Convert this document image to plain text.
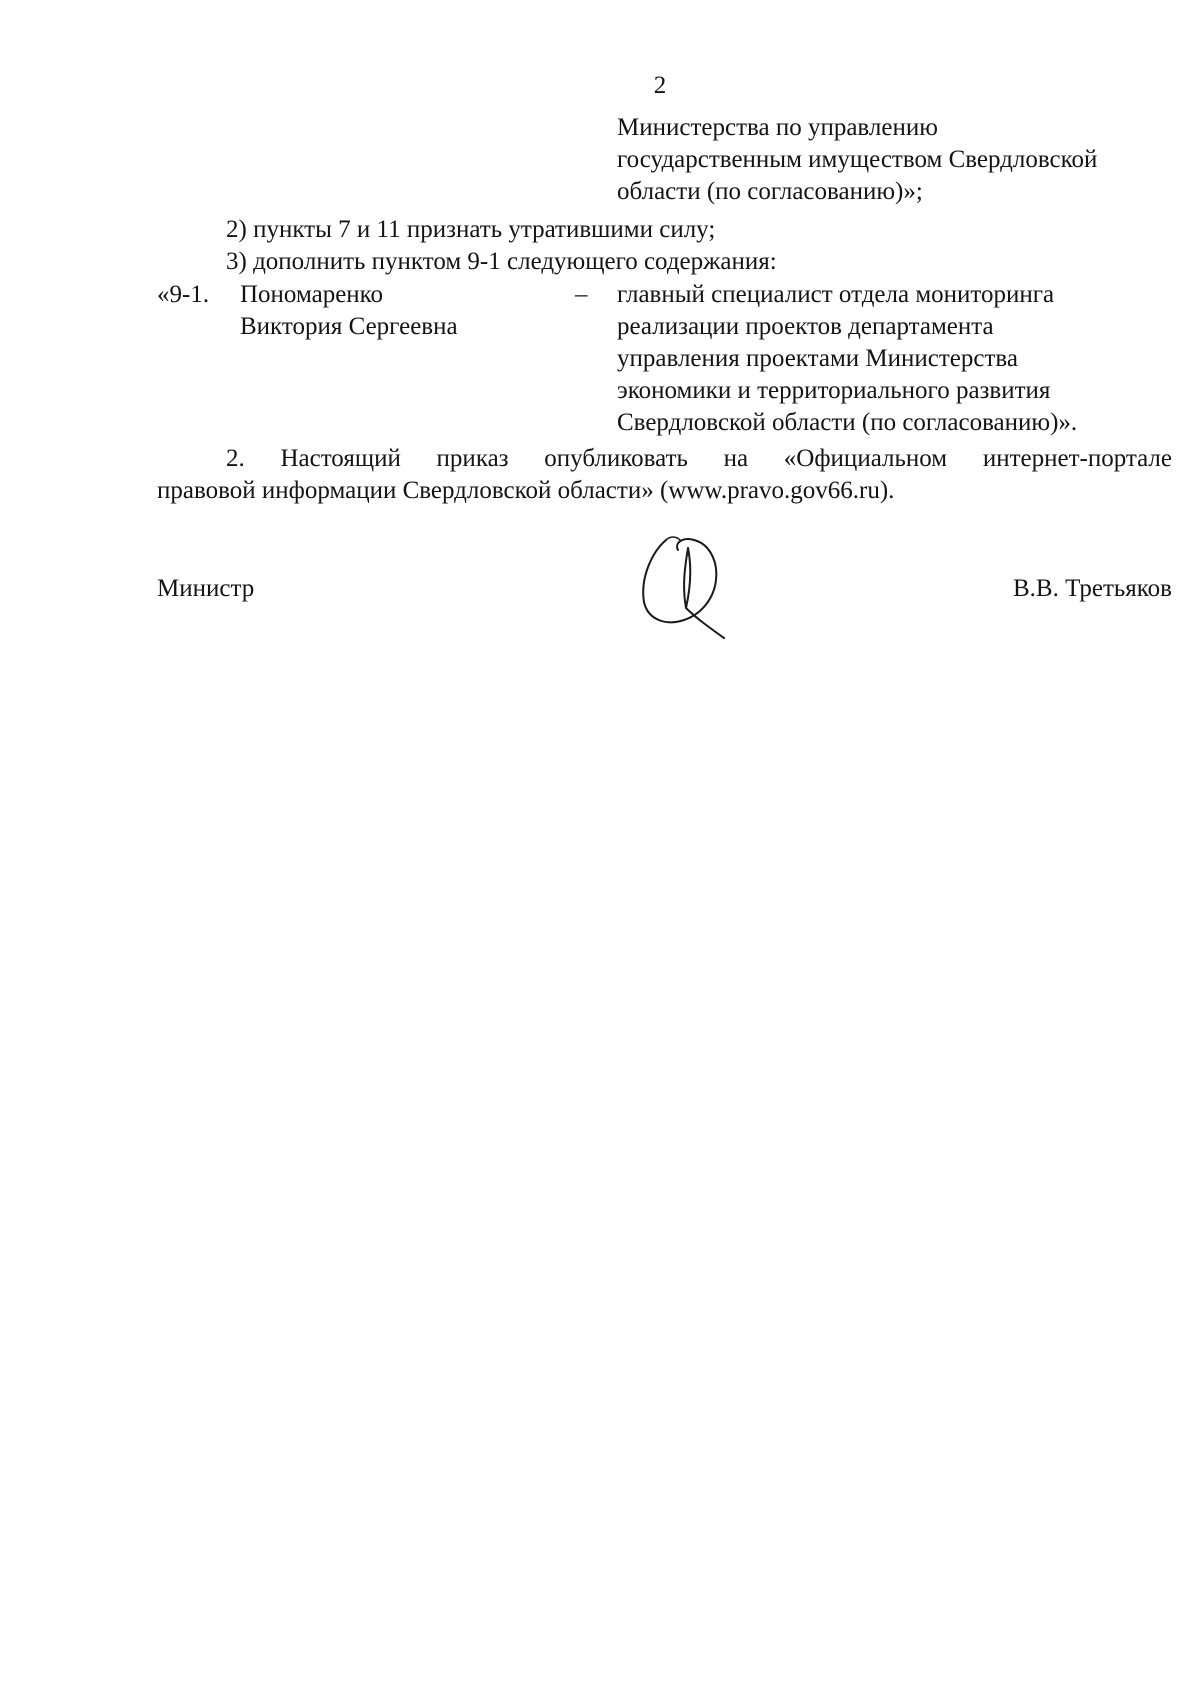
2
Министерства по управлению
государственным имуществом Свердловской
области (по согласованию)»;
2) пункты 7 и 11 признать утратившими силу;
3) дополнить пунктом 9-1 следующего содержания:
«9-1. Пономаренко
Виктория Сергеевна
– главный специалист отдела мониторинга
реализации проектов департамента
управления проектами Министерства
экономики и территориального развития
Свердловской области (по согласованию)».
2. Настоящий приказ опубликовать на «Официальном интернет-портале
правовой информации Свердловской области» (www.pravo.gov66.ru).
Министр	В.В. Третьяков
